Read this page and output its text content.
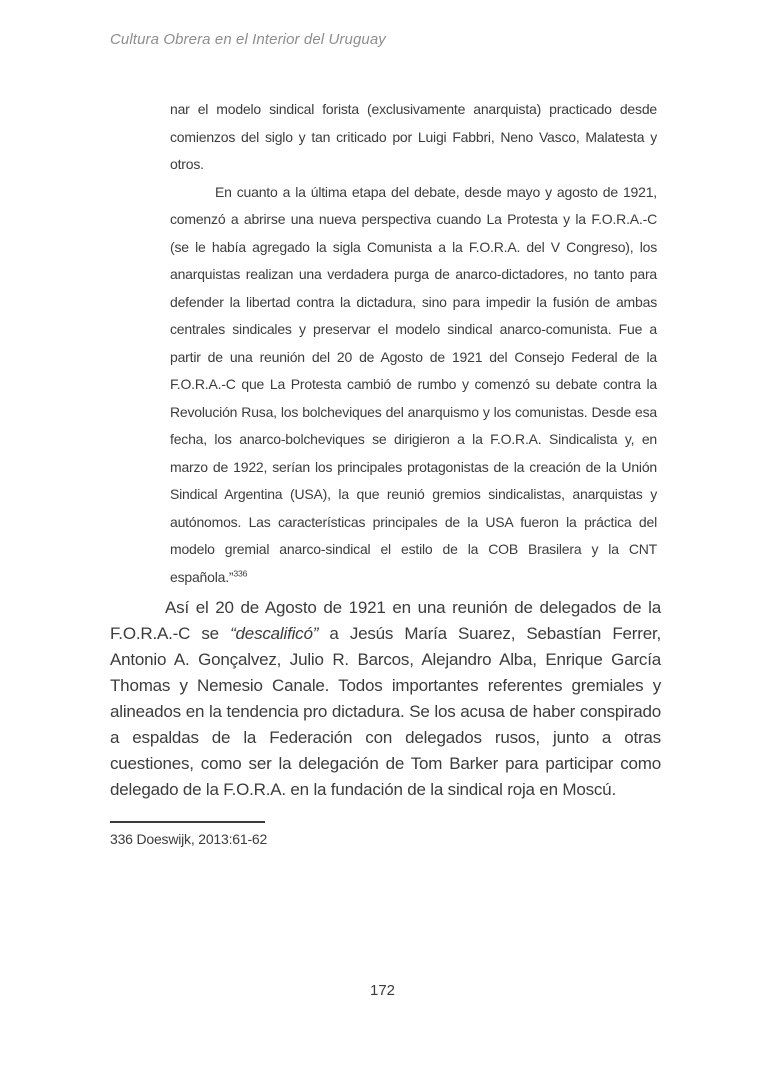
Cultura Obrera en el Interior del Uruguay

nar el modelo sindical forista (exclusivamente anarquista) practicado desde comienzos del siglo y tan criticado por Luigi Fabbri, Neno Vasco, Malatesta y otros.

En cuanto a la última etapa del debate, desde mayo y agosto de 1921, comenzó a abrirse una nueva perspectiva cuando La Protesta y la F.O.R.A.-C (se le había agregado la sigla Comunista a la F.O.R.A. del V Congreso), los anarquistas realizan una verdadera purga de anarco-dictadores, no tanto para defender la libertad contra la dictadura, sino para impedir la fusión de ambas centrales sindicales y preservar el modelo sindical anarco-comunista. Fue a partir de una reunión del 20 de Agosto de 1921 del Consejo Federal de la F.O.R.A.-C que La Protesta cambió de rumbo y comenzó su debate contra la Revolución Rusa, los bolcheviques del anarquismo y los comunistas. Desde esa fecha, los anarco-bolcheviques se dirigieron a la F.O.R.A. Sindicalista y, en marzo de 1922, serían los principales protagonistas de la creación de la Unión Sindical Argentina (USA), la que reunió gremios sindicalistas, anarquistas y autónomos. Las características principales de la USA fueron la práctica del modelo gremial anarco-sindical el estilo de la COB Brasilera y la CNT española.”$^{336}$

Así el 20 de Agosto de 1921 en una reunión de delegados de la F.O.R.A.-C se “descalificó” a Jesús María Suarez, Sebastían Ferrer, Antonio A. Gonçalvez, Julio R. Barcos, Alejandro Alba, Enrique García Thomas y Nemesio Canale. Todos importantes referentes gremiales y alineados en la tendencia pro dictadura. Se los acusa de haber conspirado a espaldas de la Federación con delegados rusos, junto a otras cuestiones, como ser la delegación de Tom Barker para participar como delegado de la F.O.R.A. en la fundación de la sindical roja en Moscú.

336 Doeswijk, 2013:61-62
172
